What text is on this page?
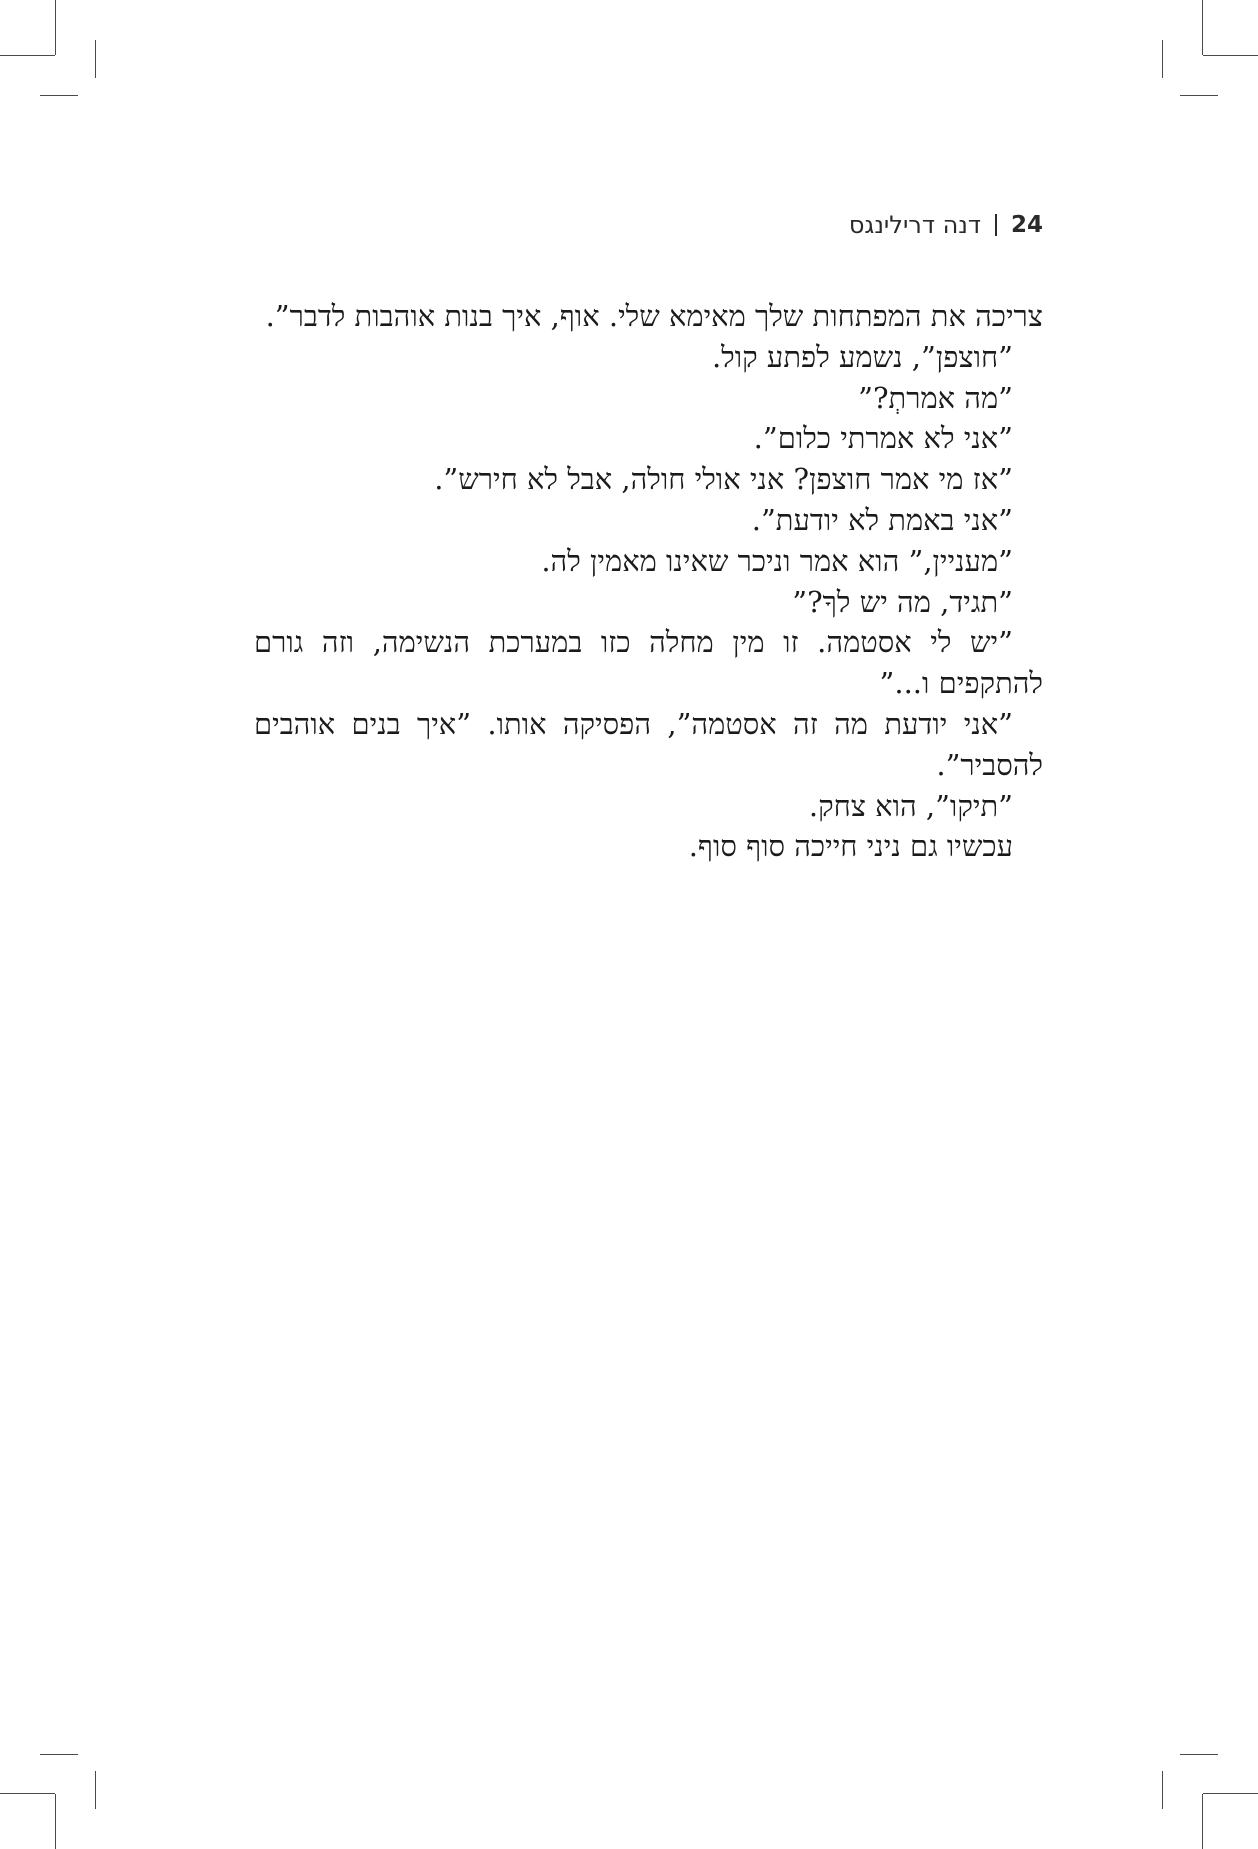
24
דנה דרילינגס

צריכה את המפתחות שלך מאימא שלי. אוף, איך בנות אוהבות לדבר”.

”חוצפן”, נשמע לפתע קול.

”מה אמרתְ?”

”אני לא אמרתי כלום”.

”אז מי אמר חוצפן? אני אולי חולה, אבל לא חירש”.

”אני באמת לא יודעת”.

”מעניין,” הוא אמר וניכר שאינו מאמין לה.

”תגיד, מה יש לךָ?”

”יש לי אסטמה. זו מין מחלה כזו במערכת הנשימה, וזה גורם להתקפים ו...”

”אני יודעת מה זה אסטמה”, הפסיקה אותו. ”איך בנים אוהבים להסביר”.

”תיקו”, הוא צחק.

עכשיו גם ניני חייכה סוף סוף.
